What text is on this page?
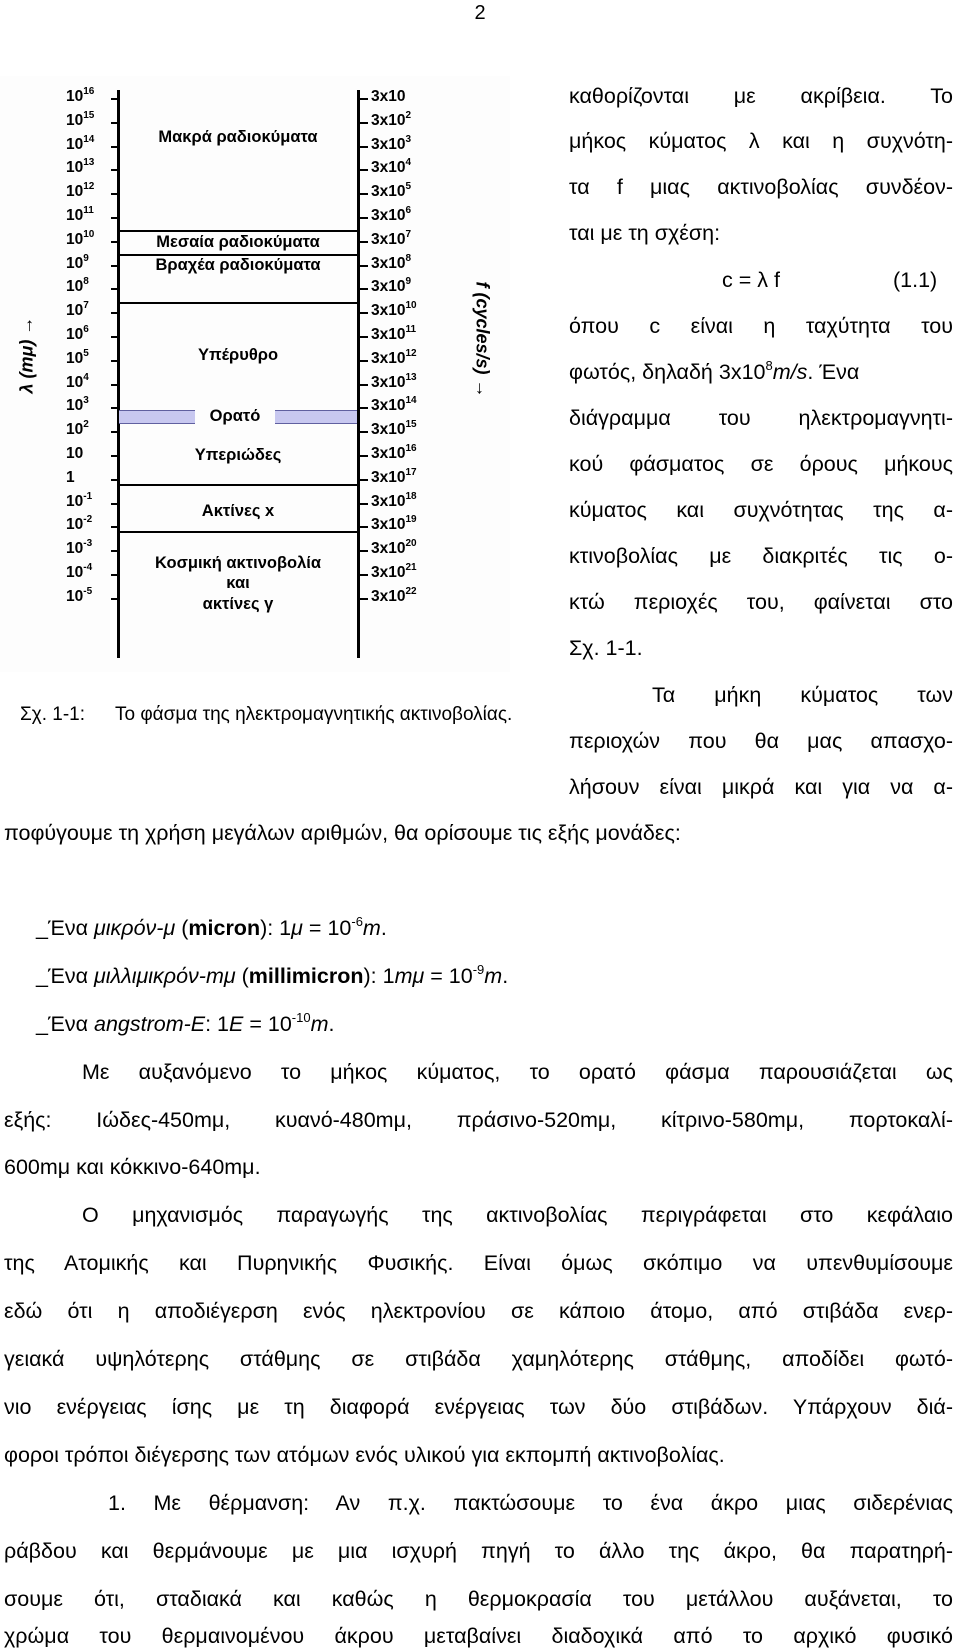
2
Μακρά ραδιοκύματα
Μεσαία ραδιοκύματα
Βραχέα ραδιοκύματα
Υπέρυθρο
Ορατό
Υπεριώδες
Ακτίνες x
Κοσμική ακτινοβολία
και
ακτίνες γ
λ (mμ) →	f (cycles/s) →
$10^{16}$
$10^{15}$
$10^{14}$
$10^{13}$
$10^{12}$
$10^{11}$
$10^{10}$
$10^9$
$10^8$
$10^7$
$10^6$
$10^5$
$10^4$
$10^3$
$10^2$
10
1
$10^{-1}$
$10^{-2}$
$10^{-3}$
$10^{-4}$
$10^{-5}$
3x10
$3x10^2$
$3x10^3$
$3x10^4$
$3x10^5$
$3x10^6$
$3x10^7$
$3x10^8$
$3x10^9$
$3x10^{10}$
$3x10^{11}$
$3x10^{12}$
$3x10^{13}$
$3x10^{14}$
$3x10^{15}$
$3x10^{16}$
$3x10^{17}$
$3x10^{18}$
$3x10^{19}$
$3x10^{20}$
$3x10^{21}$
$3x10^{22}$
Σχ. 1-1: Το φάσμα της ηλεκτρομαγνητικής ακτινοβολίας.
καθορίζονται με ακρίβεια. Το
μήκος κύματος λ και η συχνότη-
τα f μιας ακτινοβολίας συνδέον-
ται με τη σχέση:
c = λ f	(1.1)
όπου c είναι η ταχύτητα του
φωτός, δηλαδή $3x10^8m/s$. Ένα
διάγραμμα του ηλεκτρομαγνητι-
κού φάσματος σε όρους μήκους
κύματος και συχνότητας της α-
κτινοβολίας με διακριτές τις ο-
κτώ περιοχές του, φαίνεται στο
Σχ. 1-1.
Τα μήκη κύματος των
περιοχών που θα μας απασχο-
λήσουν είναι μικρά και για να α-
ποφύγουμε τη χρήση μεγάλων αριθμών, θα ορίσουμε τις εξής μονάδες:
_Ένα μικρόν-μ (micron): $1\mu = 10^{-6}m$.
_Ένα μιλλιμικρόν-mμ (millimicron): $1m\mu = 10^{-9}m$.
_Ένα angstrom-E: $1E = 10^{-10}m$.
Με αυξανόμενο το μήκος κύματος, το ορατό φάσμα παρουσιάζεται ως
εξής: Ιώδες-450mμ, κυανό-480mμ, πράσινο-520mμ, κίτρινο-580mμ, πορτοκαλί-
600mμ και κόκκινο-640mμ.
Ο μηχανισμός παραγωγής της ακτινοβολίας περιγράφεται στο κεφάλαιο
της Ατομικής και Πυρηνικής Φυσικής. Είναι όμως σκόπιμο να υπενθυμίσουμε
εδώ ότι η αποδιέγερση ενός ηλεκτρονίου σε κάποιο άτομο, από στιβάδα ενερ-
γειακά υψηλότερης στάθμης σε στιβάδα χαμηλότερης στάθμης, αποδίδει φωτό-
νιο ενέργειας ίσης με τη διαφορά ενέργειας των δύο στιβάδων. Υπάρχουν διά-
φοροι τρόποι διέγερσης των ατόμων ενός υλικού για εκπομπή ακτινοβολίας.
1. Με θέρμανση: Αν π.χ. πακτώσουμε το ένα άκρο μιας σιδερένιας
ράβδου και θερμάνουμε με μια ισχυρή πηγή το άλλο της άκρο, θα παρατηρή-
σουμε ότι, σταδιακά και καθώς η θερμοκρασία του μετάλλου αυξάνεται, το
χρώμα του θερμαινομένου άκρου μεταβαίνει διαδοχικά από το αρχικό φυσικό
